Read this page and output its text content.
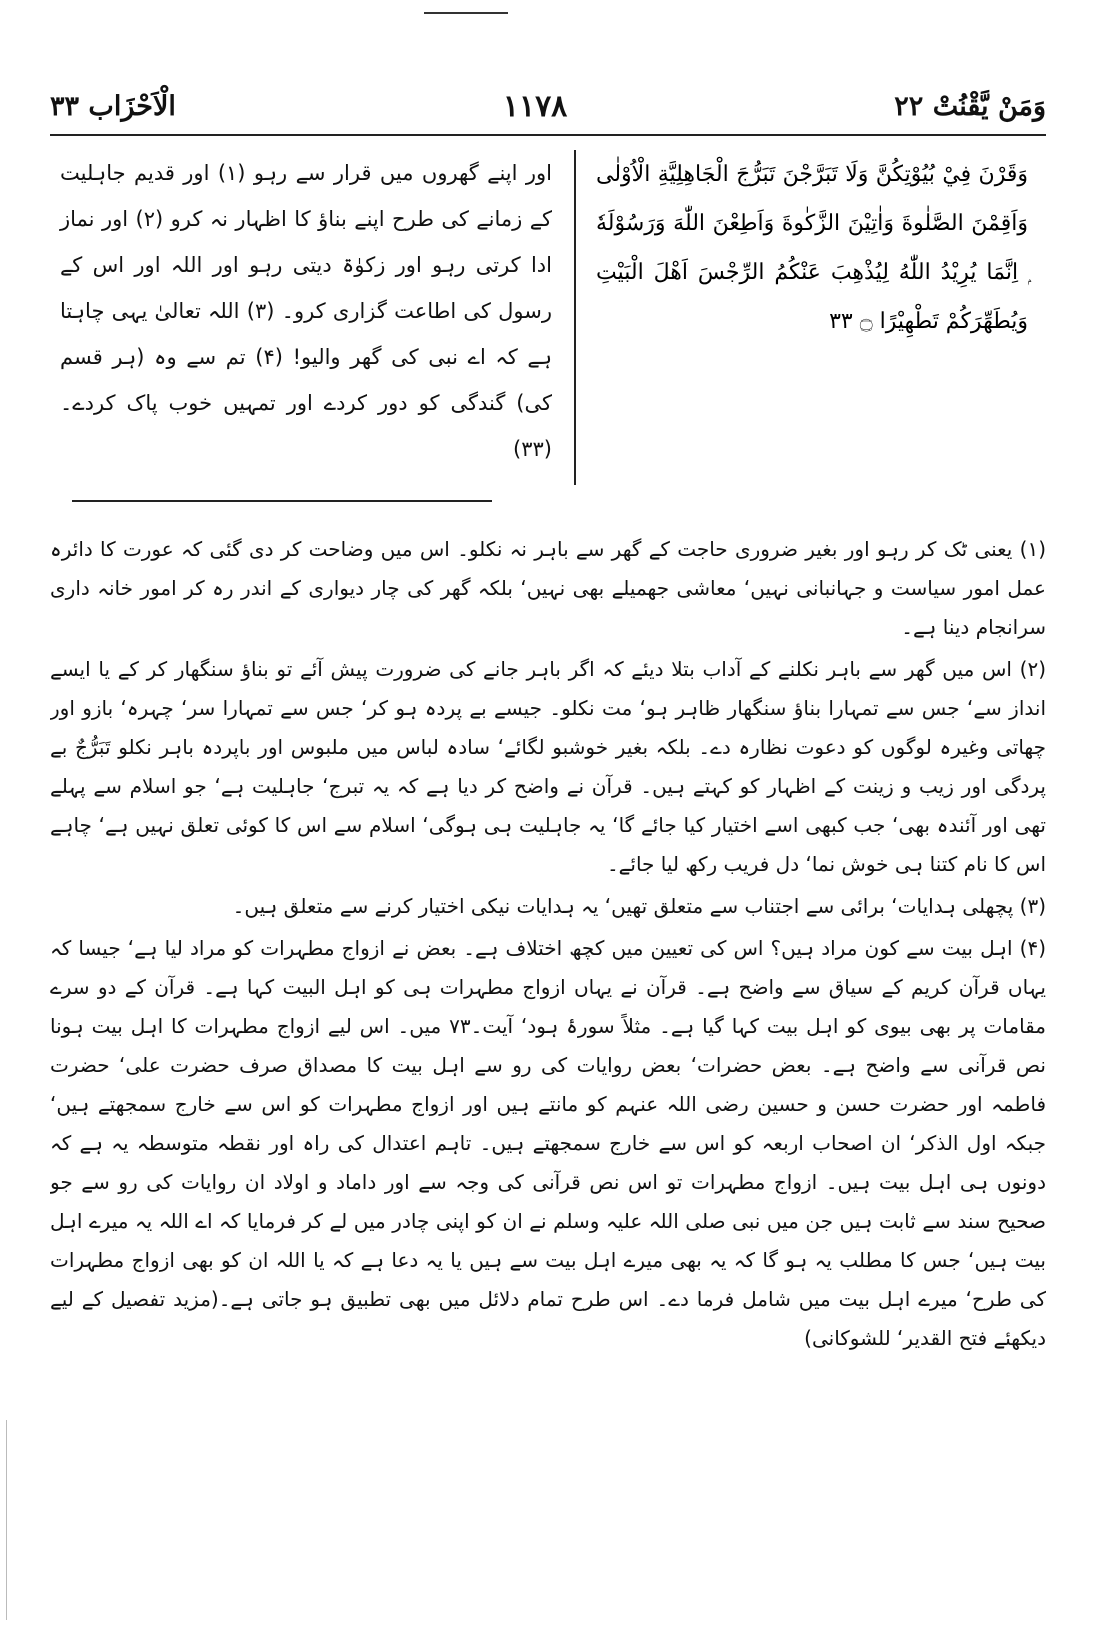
وَمَنْ يَّقْنُتْ ٢٢
١١٧٨
الْاَحْزَاب ٣٣
وَقَرْنَ فِيْ بُيُوْتِكُنَّ وَلَا تَبَرَّجْنَ تَبَرُّجَ الْجَاهِلِيَّةِ الْاُوْلٰى وَاَقِمْنَ الصَّلٰوةَ وَاٰتِيْنَ الزَّكٰوةَ وَاَطِعْنَ اللّٰهَ وَرَسُوْلَهٗ ۭ اِنَّمَا يُرِيْدُ اللّٰهُ لِيُذْهِبَ عَنْكُمُ الرِّجْسَ اَهْلَ الْبَيْتِ وَيُطَهِّرَكُمْ تَطْهِيْرًا ۝ ٣٣
اور اپنے گھروں میں قرار سے رہو (۱) اور قدیم جاہلیت کے زمانے کی طرح اپنے بناؤ کا اظہار نہ کرو (۲) اور نماز ادا کرتی رہو اور زکوٰۃ دیتی رہو اور اللہ اور اس کے رسول کی اطاعت گزاری کرو۔ (۳) اللہ تعالیٰ یہی چاہتا ہے کہ اے نبی کی گھر والیو! (۴) تم سے وہ (ہر قسم کی) گندگی کو دور کردے اور تمہیں خوب پاک کردے۔(۳۳)

(۱) یعنی ٹک کر رہو اور بغیر ضروری حاجت کے گھر سے باہر نہ نکلو۔ اس میں وضاحت کر دی گئی کہ عورت کا دائرہ عمل امور سیاست و جہانبانی نہیں‘ معاشی جھمیلے بھی نہیں‘ بلکہ گھر کی چار دیواری کے اندر رہ کر امور خانہ داری سرانجام دینا ہے۔

(۲) اس میں گھر سے باہر نکلنے کے آداب بتلا دیئے کہ اگر باہر جانے کی ضرورت پیش آئے تو بناؤ سنگھار کر کے یا ایسے انداز سے‘ جس سے تمہارا بناؤ سنگھار ظاہر ہو‘ مت نکلو۔ جیسے بے پردہ ہو کر‘ جس سے تمہارا سر‘ چہرہ‘ بازو اور چھاتی وغیرہ لوگوں کو دعوت نظارہ دے۔ بلکہ بغیر خوشبو لگائے‘ سادہ لباس میں ملبوس اور باپردہ باہر نکلو تَبَرُّجٌ بے پردگی اور زیب و زینت کے اظہار کو کہتے ہیں۔ قرآن نے واضح کر دیا ہے کہ یہ تبرج‘ جاہلیت ہے‘ جو اسلام سے پہلے تھی اور آئندہ بھی‘ جب کبھی اسے اختیار کیا جائے گا‘ یہ جاہلیت ہی ہوگی‘ اسلام سے اس کا کوئی تعلق نہیں ہے‘ چاہے اس کا نام کتنا ہی خوش نما‘ دل فریب رکھ لیا جائے۔

(۳) پچھلی ہدایات‘ برائی سے اجتناب سے متعلق تھیں‘ یہ ہدایات نیکی اختیار کرنے سے متعلق ہیں۔

(۴) اہل بیت سے کون مراد ہیں؟ اس کی تعیین میں کچھ اختلاف ہے۔ بعض نے ازواج مطہرات کو مراد لیا ہے‘ جیسا کہ یہاں قرآن کریم کے سیاق سے واضح ہے۔ قرآن نے یہاں ازواج مطہرات ہی کو اہل البیت کہا ہے۔ قرآن کے دو سرے مقامات پر بھی بیوی کو اہل بیت کہا گیا ہے۔ مثلاً سورۂ ہود‘ آیت۔۷۳ میں۔ اس لیے ازواج مطہرات کا اہل بیت ہونا نص قرآنی سے واضح ہے۔ بعض حضرات‘ بعض روایات کی رو سے اہل بیت کا مصداق صرف حضرت علی‘ حضرت فاطمہ اور حضرت حسن و حسین رضی اللہ عنہم کو مانتے ہیں اور ازواج مطہرات کو اس سے خارج سمجھتے ہیں‘ جبکہ اول الذکر‘ ان اصحاب اربعہ کو اس سے خارج سمجھتے ہیں۔ تاہم اعتدال کی راہ اور نقطہ متوسطہ یہ ہے کہ دونوں ہی اہل بیت ہیں۔ ازواج مطہرات تو اس نص قرآنی کی وجہ سے اور داماد و اولاد ان روایات کی رو سے جو صحیح سند سے ثابت ہیں جن میں نبی صلی اللہ علیہ وسلم نے ان کو اپنی چادر میں لے کر فرمایا کہ اے اللہ یہ میرے اہل بیت ہیں‘ جس کا مطلب یہ ہو گا کہ یہ بھی میرے اہل بیت سے ہیں یا یہ دعا ہے کہ یا اللہ ان کو بھی ازواج مطہرات کی طرح‘ میرے اہل بیت میں شامل فرما دے۔ اس طرح تمام دلائل میں بھی تطبیق ہو جاتی ہے۔(مزید تفصیل کے لیے دیکھئے فتح القدیر‘ للشوکانی)
